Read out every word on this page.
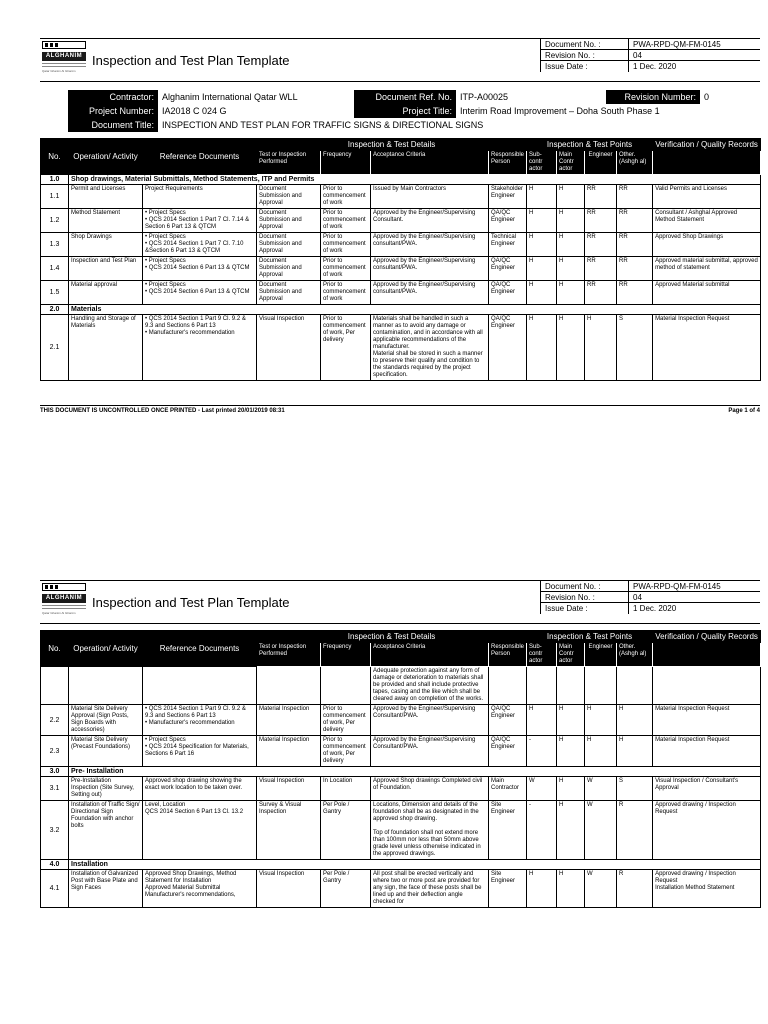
ALGHANIM
Qatar Ghanim Al Ghanim
Inspection and Test Plan Template
Document No. :	PWA-RPD-QM-FM-0145
Revision No. :	04
Issue Date :	1 Dec. 2020
Contractor: Alghanim International Qatar WLL	Document Ref. No. ITP-A00025	Revision Number: 0
Project Number: IA2018 C 024 G	Project Title: Interim Road Improvement – Doha South Phase 1
Document Title: INSPECTION AND TEST PLAN FOR TRAFFIC SIGNS & DIRECTIONAL SIGNS
No.	Operation/ Activity	Reference Documents	Inspection & Test Details				Inspection & Test Points				Verification / Quality Records
			Test or Inspection Performed	Frequency	Acceptance Criteria	Responsible Person	Sub-contr actor	Main Contr actor	Engineer	Other. (Ashgh al)	
1.0	Shop drawings, Material Submittals, Method Statements, ITP and Permits										
1.1	Permit and Licenses	Project Requirements	Document Submission and Approval	Prior to commencement of work	Issued by Main Contractors	Stakeholder Engineer	H	H	RR	RR	Valid Permits and Licenses
1.2	Method Statement	• Project Specs
• QCS 2014 Section 1 Part 7 Cl. 7.14 & Section 6 Part 13 & QTCM	Document Submission and Approval	Prior to commencement of work	Approved by the Engineer/Supervising Consultant.	QA/QC Engineer	H	H	RR	RR	Consultant / Ashghal Approved Method Statement
1.3	Shop Drawings	• Project Specs
• QCS 2014 Section 1 Part 7 Cl. 7.10 &Section 6 Part 13 & QTCM	Document Submission and Approval	Prior to commencement of work	Approved by the Engineer/Supervising consultant/PWA.	Technical Engineer	H	H	RR	RR	Approved Shop Drawings
1.4	Inspection and Test Plan	• Project Specs
• QCS 2014 Section 6 Part 13 & QTCM	Document Submission and Approval	Prior to commencement of work	Approved by the Engineer/Supervising consultant/PWA.	QA/QC Engineer	H	H	RR	RR	Approved material submittal, approved method of statement
1.5	Material approval	• Project Specs
• QCS 2014 Section 6 Part 13 & QTCM	Document Submission and Approval	Prior to commencement of work	Approved by the Engineer/Supervising consultant/PWA.	QA/QC Engineer	H	H	RR	RR	Approved Material submittal
2.0	Materials										
2.1	Handling and Storage of Materials	• QCS 2014 Section 1 Part 9 Cl. 9.2 & 9.3 and Sections 6 Part 13
• Manufacturer's recommendation	Visual Inspection	Prior to commencement of work, Per delivery	Materials shall be handled in such a manner as to avoid any damage or contamination, and in accordance with all applicable recommendations of the manufacturer.
Material shall be stored in such a manner to preserve their quality and condition to the standards required by the project specification.	QA/QC Engineer	H	H	H	S	Material Inspection Request
THIS DOCUMENT IS UNCONTROLLED ONCE PRINTED - Last printed 20/01/2019 08:31	Page 1 of 4
ALGHANIM
Qatar Ghanim Al Ghanim
Inspection and Test Plan Template
Document No. :	PWA-RPD-QM-FM-0145
Revision No. :	04
Issue Date :	1 Dec. 2020
No.	Operation/ Activity	Reference Documents	Inspection & Test Details				Inspection & Test Points				Verification / Quality Records
			Test or Inspection Performed	Frequency	Acceptance Criteria	Responsible Person	Sub-contr actor	Main Contr actor	Engineer	Other. (Ashgh al)	
					Adequate protection against any form of damage or deterioration to materials shall be provided and shall include protective tapes, casing and the like which shall be cleared away on completion of the works.						
2.2	Material Site Delivery Approval (Sign Posts, Sign Boards with accessories)	• QCS 2014 Section 1 Part 9 Cl. 9.2 & 9.3 and Sections 6 Part 13
• Manufacturer's recommendation	Material Inspection	Prior to commencement of work, Per delivery	Approved by the Engineer/Supervising Consultant/PWA.	QA/QC Engineer	H	H	H	H	Material Inspection Request
2.3	Material Site Delivery (Precast Foundations)	• Project Specs
• QCS 2014 Specification for Materials, Sections 6 Part 16	Material Inspection	Prior to commencement of work, Per delivery	Approved by the Engineer/Supervising Consultant/PWA.	QA/QC Engineer	-	H	H	H	Material Inspection Request
3.0	Pre- Installation										
3.1	Pre-Installation Inspection (Site Survey, Setting out)	Approved shop drawing showing the exact work location to be taken over.	Visual Inspection	In Location	Approved Shop drawings Completed civil of Foundation.	Main Contractor	W	H	W	S	Visual Inspection / Consultant's Approval
3.2	Installation of Traffic Sign/ Directional Sign Foundation with anchor bolts	Level, Location
QCS 2014 Section 6 Part 13 Cl. 13.2	Survey & Visual Inspection	Per Pole / Gantry	Locations, Dimension and details of the foundation shall be as designated in the approved shop drawing.

Top of foundation shall not extend more than 100mm nor less than 50mm above grade level unless otherwise indicated in the approved drawings.	Site Engineer	-	H	W	R	Approved drawing / Inspection Request
4.0	Installation										
4.1	Installation of Galvanized Post with Base Plate and Sign Faces	Approved Shop Drawings, Method Statement for Installation
Approved Material Submittal
Manufacturer's recommendations,	Visual Inspection	Per Pole / Gantry	All post shall be erected vertically and where two or more post are provided for any sign, the face of these posts shall be lined up and their deflection angle checked for	Site Engineer	H	H	W	R	Approved drawing / Inspection Request
Installation Method Statement
